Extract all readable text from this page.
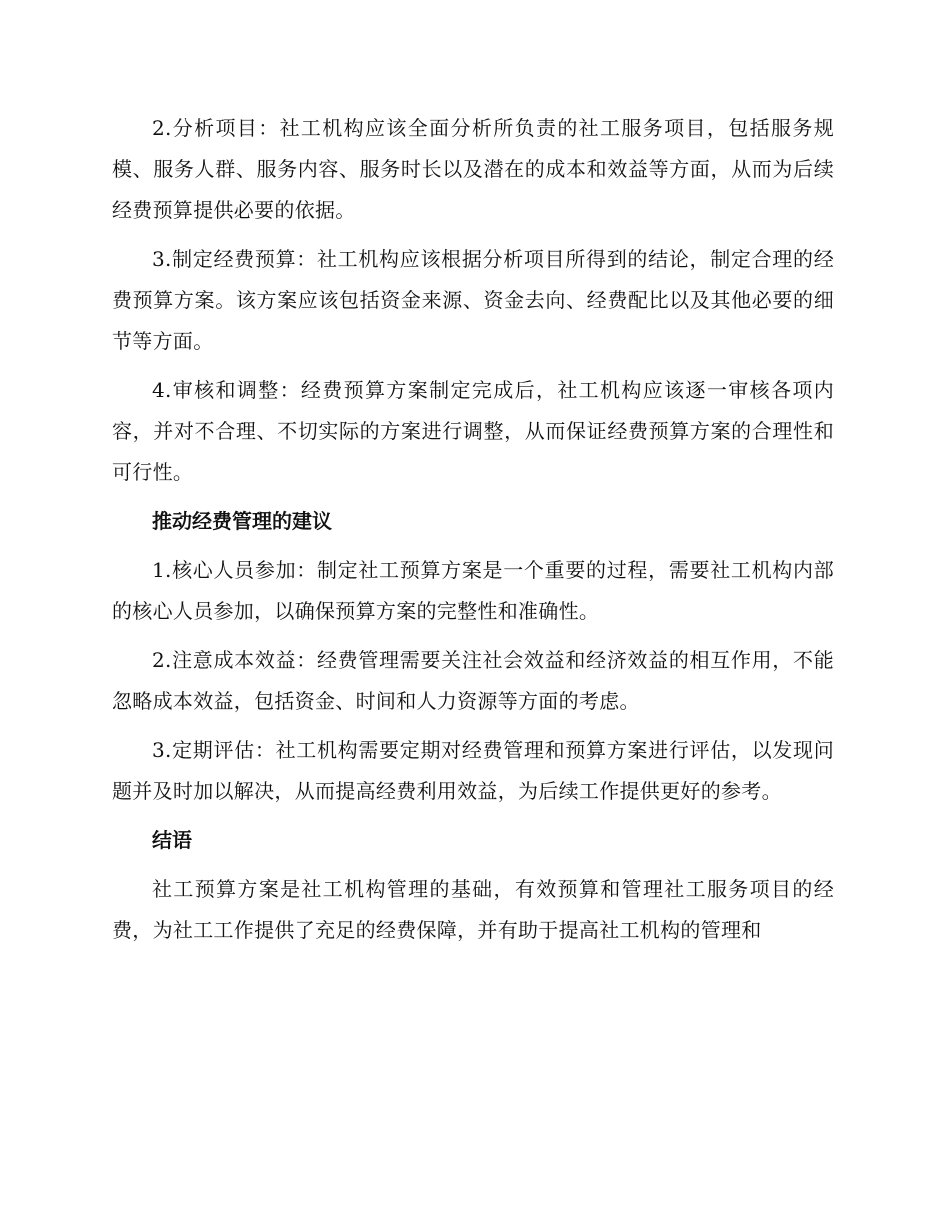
2.分析项目：社工机构应该全面分析所负责的社工服务项目，包括服务规模、服务人群、服务内容、服务时长以及潜在的成本和效益等方面，从而为后续经费预算提供必要的依据。

3.制定经费预算：社工机构应该根据分析项目所得到的结论，制定合理的经费预算方案。该方案应该包括资金来源、资金去向、经费配比以及其他必要的细节等方面。

4.审核和调整：经费预算方案制定完成后，社工机构应该逐一审核各项内容，并对不合理、不切实际的方案进行调整，从而保证经费预算方案的合理性和可行性。

推动经费管理的建议

1.核心人员参加：制定社工预算方案是一个重要的过程，需要社工机构内部的核心人员参加，以确保预算方案的完整性和准确性。

2.注意成本效益：经费管理需要关注社会效益和经济效益的相互作用，不能忽略成本效益，包括资金、时间和人力资源等方面的考虑。

3.定期评估：社工机构需要定期对经费管理和预算方案进行评估，以发现问题并及时加以解决，从而提高经费利用效益，为后续工作提供更好的参考。

结语

社工预算方案是社工机构管理的基础，有效预算和管理社工服务项目的经费，为社工工作提供了充足的经费保障，并有助于提高社工机构的管理和
